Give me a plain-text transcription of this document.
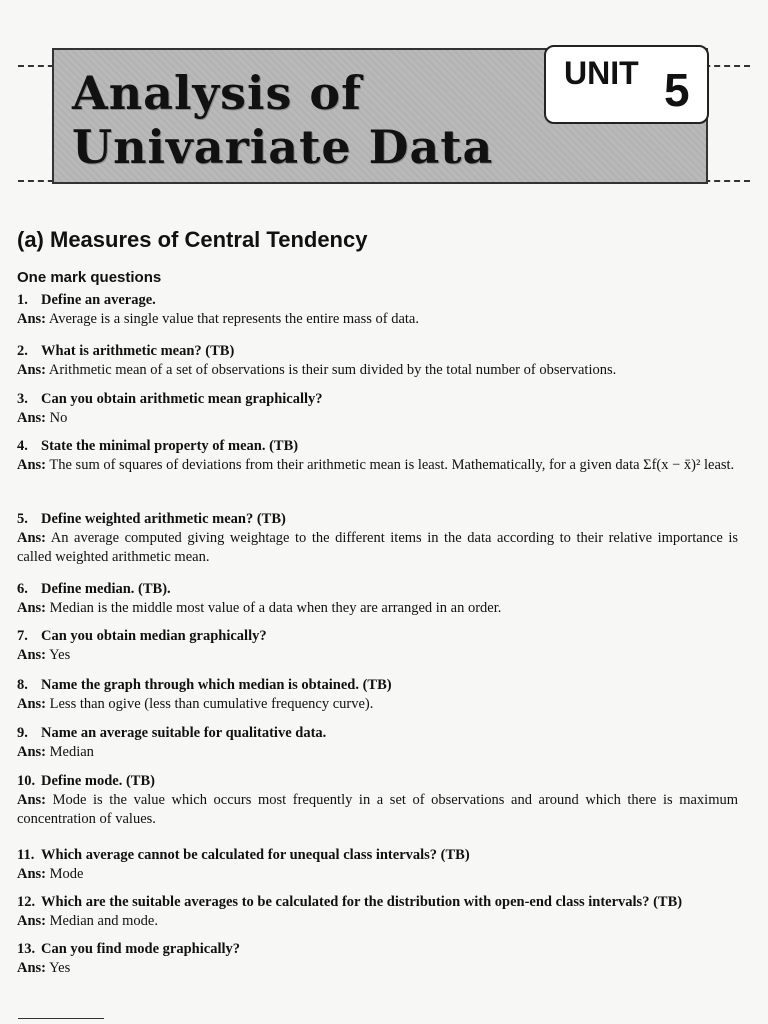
Analysis of
Univariate Data
UNIT 5
(a) Measures of Central Tendency
One mark questions
1. Define an average.
Ans: Average is a single value that represents the entire mass of data.
2. What is arithmetic mean? (TB)
Ans: Arithmetic mean of a set of observations is their sum divided by the total number of observations.
3. Can you obtain arithmetic mean graphically?
Ans: No
4. State the minimal property of mean. (TB)
Ans: The sum of squares of deviations from their arithmetic mean is least. Mathematically, for a given data Σf(x − x̄)² least.
5. Define weighted arithmetic mean? (TB)
Ans: An average computed giving weightage to the different items in the data according to their relative importance is called weighted arithmetic mean.
6. Define median. (TB).
Ans: Median is the middle most value of a data when they are arranged in an order.
7. Can you obtain median graphically?
Ans: Yes
8. Name the graph through which median is obtained. (TB)
Ans: Less than ogive (less than cumulative frequency curve).
9. Name an average suitable for qualitative data.
Ans: Median
10. Define mode. (TB)
Ans: Mode is the value which occurs most frequently in a set of observations and around which there is maximum concentration of values.
11. Which average cannot be calculated for unequal class intervals? (TB)
Ans: Mode
12. Which are the suitable averages to be calculated for the distribution with open-end class intervals? (TB)
Ans: Median and mode.
13. Can you find mode graphically?
Ans: Yes
